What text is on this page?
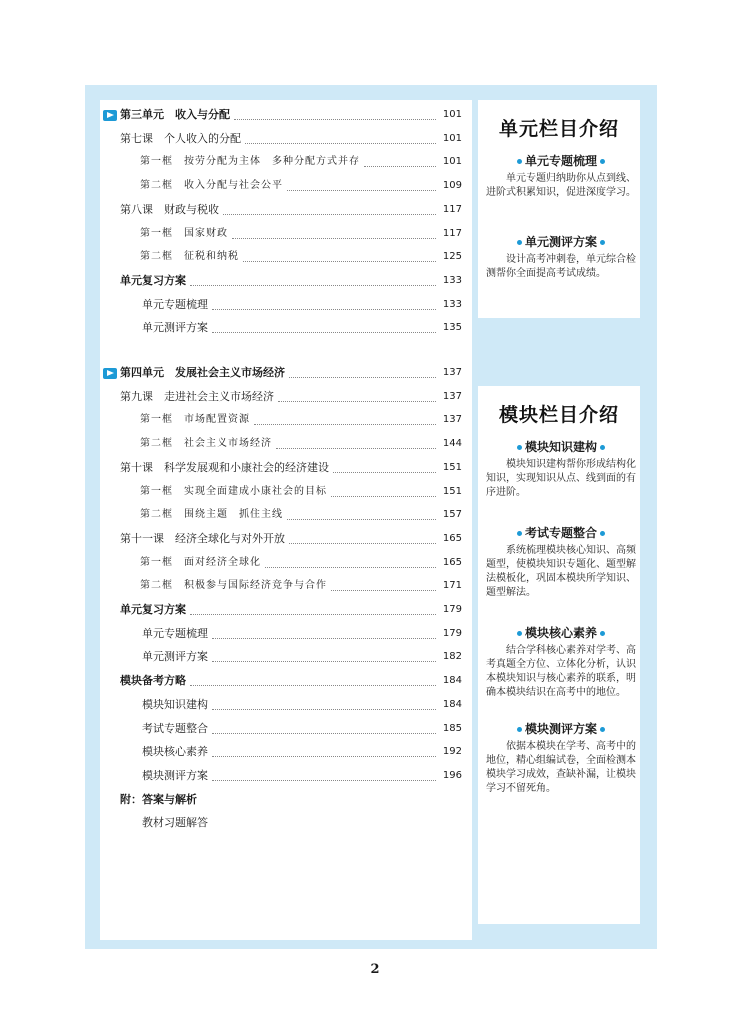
第三单元　收入与分配	101
第七课　个人收入的分配	101
第一框　按劳分配为主体　多种分配方式并存	101
第二框　收入分配与社会公平	109
第八课　财政与税收	117
第一框　国家财政	117
第二框　征税和纳税	125
单元复习方案	133
单元专题梳理	133
单元测评方案	135
第四单元　发展社会主义市场经济	137
第九课　走进社会主义市场经济	137
第一框　市场配置资源	137
第二框　社会主义市场经济	144
第十课　科学发展观和小康社会的经济建设	151
第一框　实现全面建成小康社会的目标	151
第二框　围绕主题　抓住主线	157
第十一课　经济全球化与对外开放	165
第一框　面对经济全球化	165
第二框　积极参与国际经济竞争与合作	171
单元复习方案	179
单元专题梳理	179
单元测评方案	182
模块备考方略	184
模块知识建构	184
考试专题整合	185
模块核心素养	192
模块测评方案	196
附：答案与解析
教材习题解答
单元栏目介绍
单元专题梳理
单元专题归纳助你从点到线、进阶式积累知识，促进深度学习。
单元测评方案
设计高考冲刺卷，单元综合检测帮你全面提高考试成绩。
模块栏目介绍
模块知识建构
模块知识建构帮你形成结构化知识，实现知识从点、线到面的有序进阶。
考试专题整合
系统梳理模块核心知识、高频题型，使模块知识专题化、题型解法模板化，巩固本模块所学知识、题型解法。
模块核心素养
结合学科核心素养对学考、高考真题全方位、立体化分析，认识本模块知识与核心素养的联系，明确本模块结识在高考中的地位。
模块测评方案
依据本模块在学考、高考中的地位，精心组编试卷，全面检测本模块学习成效，查缺补漏，让模块学习不留死角。
2
